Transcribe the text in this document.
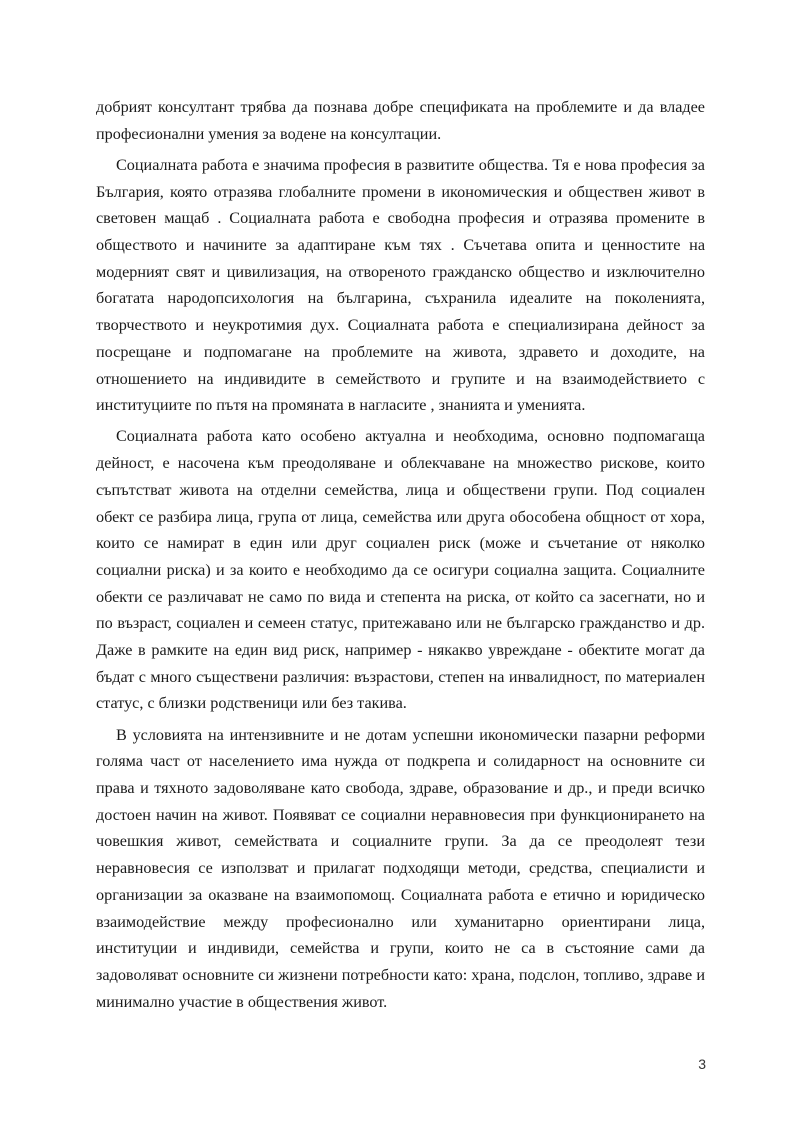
добрият консултант трябва да познава добре спецификата на проблемите и да владее професионални умения за водене на консултации.

Социалната работа е значима професия в развитите общества. Тя е нова професия за България, която отразява глобалните промени в икономическия и обществен живот в световен мащаб . Социалната работа е свободна професия и отразява промените в обществото и начините за адаптиране към тях . Съчетава опита и ценностите на модерният свят и цивилизация, на отвореното гражданско общество и изключително богатата народопсихология на българина, съхранила идеалите на поколенията, творчеството и неукротимия дух. Социалната работа е специализирана дейност за посрещане и подпомагане на проблемите на живота, здравето и доходите, на отношението на индивидите в семейството и групите и на взаимодействието с институциите по пътя на промяната в нагласите , знанията и уменията.

Социалната работа като особено актуална и необходима, основно подпомагаща дейност, е насочена към преодоляване и облекчаване на множество рискове, които съпътстват живота на отделни семейства, лица и обществени групи. Под социален обект се разбира лица, група от лица, семейства или друга обособена общност от хора, които се намират в един или друг социален риск (може и съчетание от няколко социални риска) и за които е необходимо да се осигури социална защита. Социалните обекти се различават не само по вида и степента на риска, от който са засегнати, но и по възраст, социален и семеен статус, притежавано или не българско гражданство и др. Даже в рамките на един вид риск, например - някакво увреждане - обектите могат да бъдат с много съществени различия: възрастови, степен на инвалидност, по материален статус, с близки родственици или без такива.

В условията на интензивните и не дотам успешни икономически пазарни реформи голяма част от населението има нужда от подкрепа и солидарност на основните си права и тяхното задоволяване като свобода, здраве, образование и др., и преди всичко достоен начин на живот. Появяват се социални неравновесия при функционирането на човешкия живот, семействата и социалните групи. За да се преодолеят тези неравновесия се използват и прилагат подходящи методи, средства, специалисти и организации за оказване на взаимопомощ. Социалната работа е етично и юридическо взаимодействие между професионално или хуманитарно ориентирани лица, институции и индивиди, семейства и групи, които не са в състояние сами да задоволяват основните си жизнени потребности като: храна, подслон, топливо, здраве и минимално участие в обществения живот.

3
